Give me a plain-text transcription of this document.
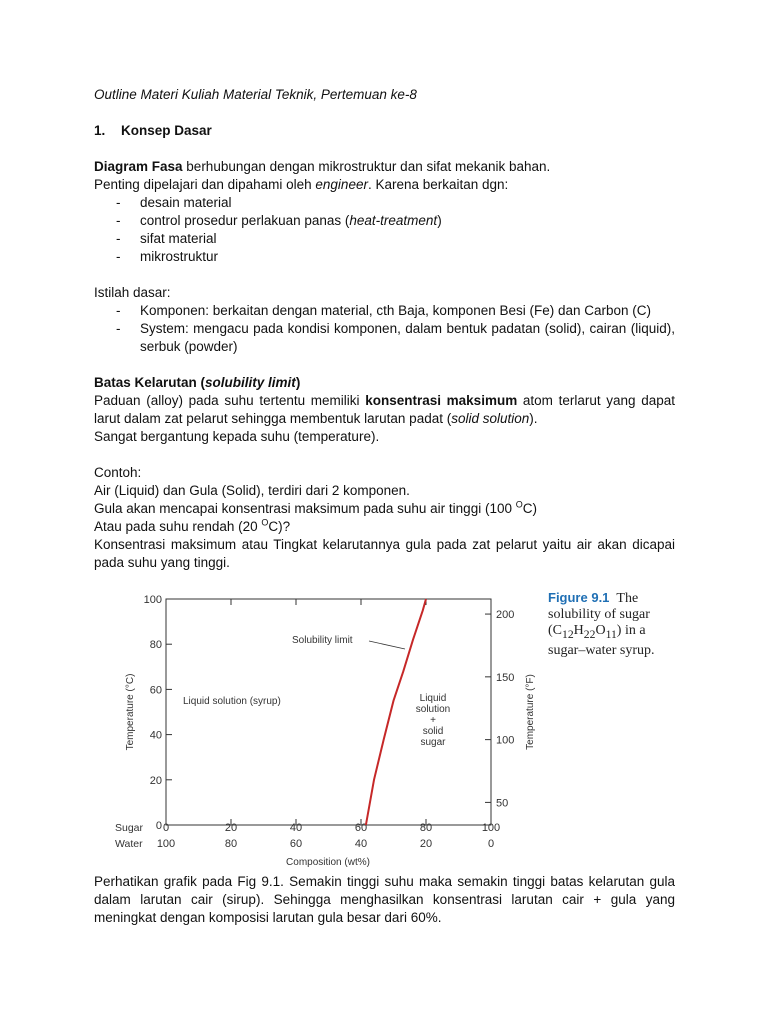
Outline Materi Kuliah Material Teknik, Pertemuan ke-8

1. Konsep Dasar

Diagram Fasa berhubungan dengan mikrostruktur dan sifat mekanik bahan.

Penting dipelajari dan dipahami oleh engineer. Karena berkaitan dgn:

- desain material
- control prosedur perlakuan panas (heat-treatment)
- sifat material
- mikrostruktur

Istilah dasar:

- Komponen: berkaitan dengan material, cth Baja, komponen Besi (Fe) dan Carbon (C)
- System: mengacu pada kondisi komponen, dalam bentuk padatan (solid), cairan (liquid), serbuk (powder)

Batas Kelarutan (solubility limit)

Paduan (alloy) pada suhu tertentu memiliki konsentrasi maksimum atom terlarut yang dapat larut dalam zat pelarut sehingga membentuk larutan padat (solid solution).

Sangat bergantung kepada suhu (temperature).

Contoh:

Air (Liquid) dan Gula (Solid), terdiri dari 2 komponen.

Gula akan mencapai konsentrasi maksimum pada suhu air tinggi (100 $^O$C)

Atau pada suhu rendah (20 $^O$C)?

Konsentrasi maksimum atau Tingkat kelarutannya gula pada zat pelarut yaitu air akan dicapai pada suhu yang tinggi.

0
20
40
60
80
100
50
100
150
200
0
100
20
80
40
60
60
40
80
20
100
0
Solubility limit
Liquid solution (syrup)	Liquid
solution
+
solid
sugar
Temperature (°C)	Temperature (°F)
Sugar
Water
Composition (wt%)
Figure 9.1 The
solubility of sugar
$(C_{12}H_{22}O_{11})$ in a
sugar–water syrup.

Perhatikan grafik pada Fig 9.1. Semakin tinggi suhu maka semakin tinggi batas kelarutan gula dalam larutan cair (sirup). Sehingga menghasilkan konsentrasi larutan cair + gula yang meningkat dengan komposisi larutan gula besar dari 60%.
